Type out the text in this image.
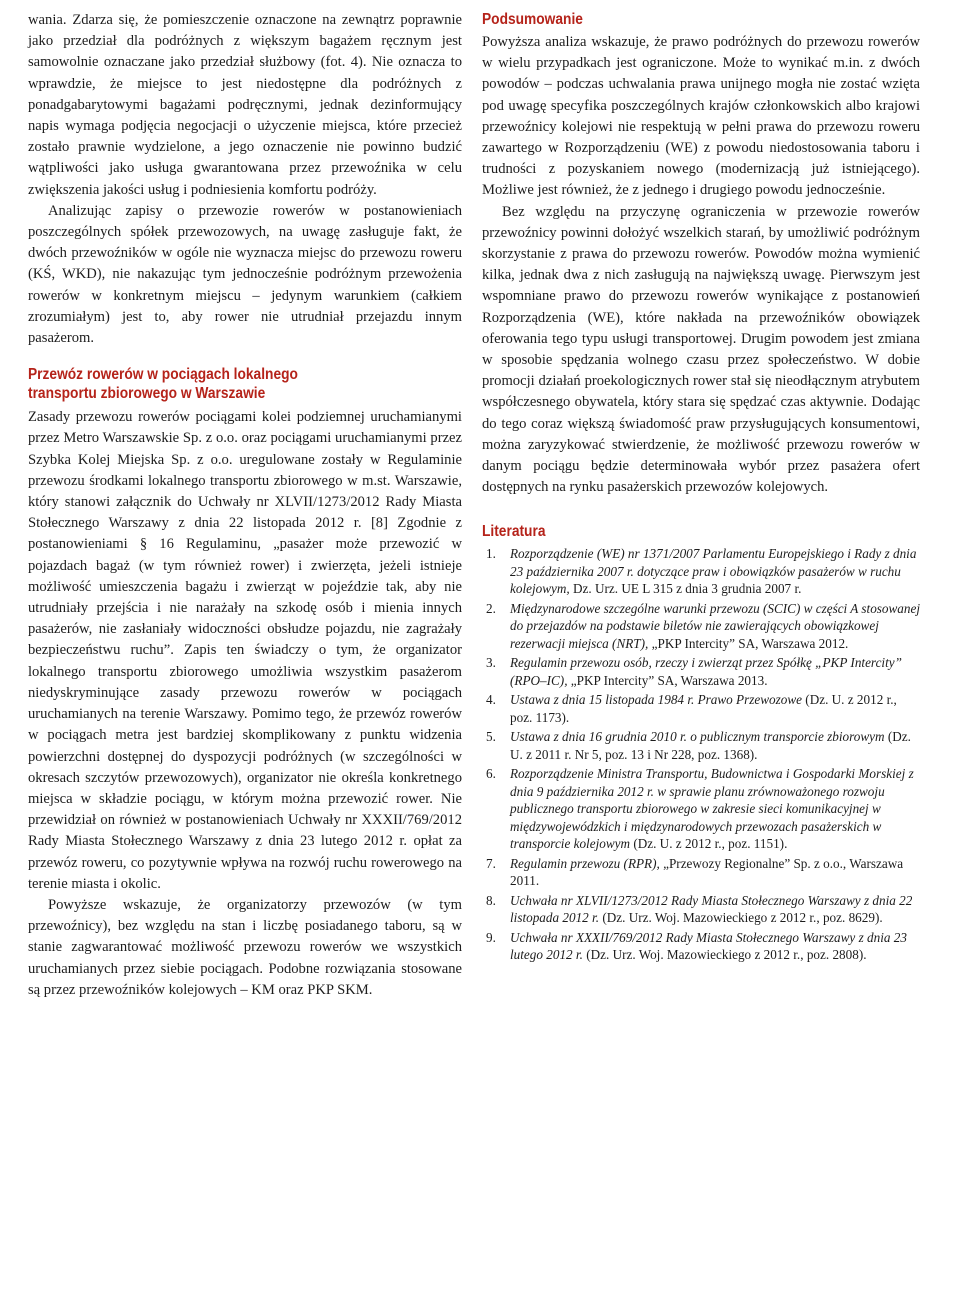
wania. Zdarza się, że pomieszczenie oznaczone na zewnątrz poprawnie jako przedział dla podróżnych z większym bagażem ręcznym jest samowolnie oznaczane jako przedział służbowy (fot. 4). Nie oznacza to wprawdzie, że miejsce to jest niedostępne dla podróżnych z ponadgabarytowymi bagażami podręcznymi, jednak dezinformujący napis wymaga podjęcia negocjacji o użyczenie miejsca, które przecież zostało prawnie wydzielone, a jego oznaczenie nie powinno budzić wątpliwości jako usługa gwarantowana przez przewoźnika w celu zwiększenia jakości usług i podniesienia komfortu podróży.

Analizując zapisy o przewozie rowerów w postanowieniach poszczególnych spółek przewozowych, na uwagę zasługuje fakt, że dwóch przewoźników w ogóle nie wyznacza miejsc do przewozu roweru (KŚ, WKD), nie nakazując tym jednocześnie podróżnym przewożenia rowerów w konkretnym miejscu – jedynym warunkiem (całkiem zrozumiałym) jest to, aby rower nie utrudniał przejazdu innym pasażerom.

Przewóz rowerów w pociągach lokalnego
transportu zbiorowego w Warszawie

Zasady przewozu rowerów pociągami kolei podziemnej uruchamianymi przez Metro Warszawskie Sp. z o.o. oraz pociągami uruchamianymi przez Szybka Kolej Miejska Sp. z o.o. uregulowane zostały w Regulaminie przewozu środkami lokalnego transportu zbiorowego w m.st. Warszawie, który stanowi załącznik do Uchwały nr XLVII/1273/2012 Rady Miasta Stołecznego Warszawy z dnia 22 listopada 2012 r. [8] Zgodnie z postanowieniami § 16 Regulaminu, „pasażer może przewozić w pojazdach bagaż (w tym również rower) i zwierzęta, jeżeli istnieje możliwość umieszczenia bagażu i zwierząt w pojeździe tak, aby nie utrudniały przejścia i nie narażały na szkodę osób i mienia innych pasażerów, nie zasłaniały widoczności obsłudze pojazdu, nie zagrażały bezpieczeństwu ruchu”. Zapis ten świadczy o tym, że organizator lokalnego transportu zbiorowego umożliwia wszystkim pasażerom niedyskryminujące zasady przewozu rowerów w pociągach uruchamianych na terenie Warszawy. Pomimo tego, że przewóz rowerów w pociągach metra jest bardziej skomplikowany z punktu widzenia powierzchni dostępnej do dyspozycji podróżnych (w szczególności w okresach szczytów przewozowych), organizator nie określa konkretnego miejsca w składzie pociągu, w którym można przewozić rower. Nie przewidział on również w postanowieniach Uchwały nr XXXII/769/2012 Rady Miasta Stołecznego Warszawy z dnia 23 lutego 2012 r. opłat za przewóz roweru, co pozytywnie wpływa na rozwój ruchu rowerowego na terenie miasta i okolic.

Powyższe wskazuje, że organizatorzy przewozów (w tym przewoźnicy), bez względu na stan i liczbę posiadanego taboru, są w stanie zagwarantować możliwość przewozu rowerów we wszystkich uruchamianych przez siebie pociągach. Podobne rozwiązania stosowane są przez przewoźników kolejowych – KM oraz PKP SKM.

Podsumowanie

Powyższa analiza wskazuje, że prawo podróżnych do przewozu rowerów w wielu przypadkach jest ograniczone. Może to wynikać m.in. z dwóch powodów – podczas uchwalania prawa unijnego mogła nie zostać wzięta pod uwagę specyfika poszczególnych krajów członkowskich albo krajowi przewoźnicy kolejowi nie respektują w pełni prawa do przewozu roweru zawartego w Rozporządzeniu (WE) z powodu niedostosowania taboru i trudności z pozyskaniem nowego (modernizacją już istniejącego). Możliwe jest również, że z jednego i drugiego powodu jednocześnie.

Bez względu na przyczynę ograniczenia w przewozie rowerów przewoźnicy powinni dołożyć wszelkich starań, by umożliwić podróżnym skorzystanie z prawa do przewozu rowerów. Powodów można wymienić kilka, jednak dwa z nich zasługują na największą uwagę. Pierwszym jest wspomniane prawo do przewozu rowerów wynikające z postanowień Rozporządzenia (WE), które nakłada na przewoźników obowiązek oferowania tego typu usługi transportowej. Drugim powodem jest zmiana w sposobie spędzania wolnego czasu przez społeczeństwo. W dobie promocji działań proekologicznych rower stał się nieodłącznym atrybutem współczesnego obywatela, który stara się spędzać czas aktywnie. Dodając do tego coraz większą świadomość praw przysługujących konsumentowi, można zaryzykować stwierdzenie, że możliwość przewozu rowerów w danym pociągu będzie determinowała wybór przez pasażera ofert dostępnych na rynku pasażerskich przewozów kolejowych.

Literatura
1.	Rozporządzenie (WE) nr 1371/2007 Parlamentu Europejskiego i Rady z dnia 23 października 2007 r. dotyczące praw i obowiązków pasażerów w ruchu kolejowym, Dz. Urz. UE L 315 z dnia 3 grudnia 2007 r.
2.	Międzynarodowe szczególne warunki przewozu (SCIC) w części A stosowanej do przejazdów na podstawie biletów nie zawierających obowiązkowej rezerwacji miejsca (NRT), „PKP Intercity” SA, Warszawa 2012.
3.	Regulamin przewozu osób, rzeczy i zwierząt przez Spółkę „PKP Intercity” (RPO–IC), „PKP Intercity” SA, Warszawa 2013.
4.	Ustawa z dnia 15 listopada 1984 r. Prawo Przewozowe (Dz. U. z 2012 r., poz. 1173).
5.	Ustawa z dnia 16 grudnia 2010 r. o publicznym transporcie zbiorowym (Dz. U. z 2011 r. Nr 5, poz. 13 i Nr 228, poz. 1368).
6.	Rozporządzenie Ministra Transportu, Budownictwa i Gospodarki Morskiej z dnia 9 października 2012 r. w sprawie planu zrównoważonego rozwoju publicznego transportu zbiorowego w zakresie sieci komunikacyjnej w międzywojewódzkich i międzynarodowych przewozach pasażerskich w transporcie kolejowym (Dz. U. z 2012 r., poz. 1151).
7.	Regulamin przewozu (RPR), „Przewozy Regionalne” Sp. z o.o., Warszawa 2011.
8.	Uchwała nr XLVII/1273/2012 Rady Miasta Stołecznego Warszawy z dnia 22 listopada 2012 r. (Dz. Urz. Woj. Mazowieckiego z 2012 r., poz. 8629).
9.	Uchwała nr XXXII/769/2012 Rady Miasta Stołecznego Warszawy z dnia 23 lutego 2012 r. (Dz. Urz. Woj. Mazowieckiego z 2012 r., poz. 2808).
